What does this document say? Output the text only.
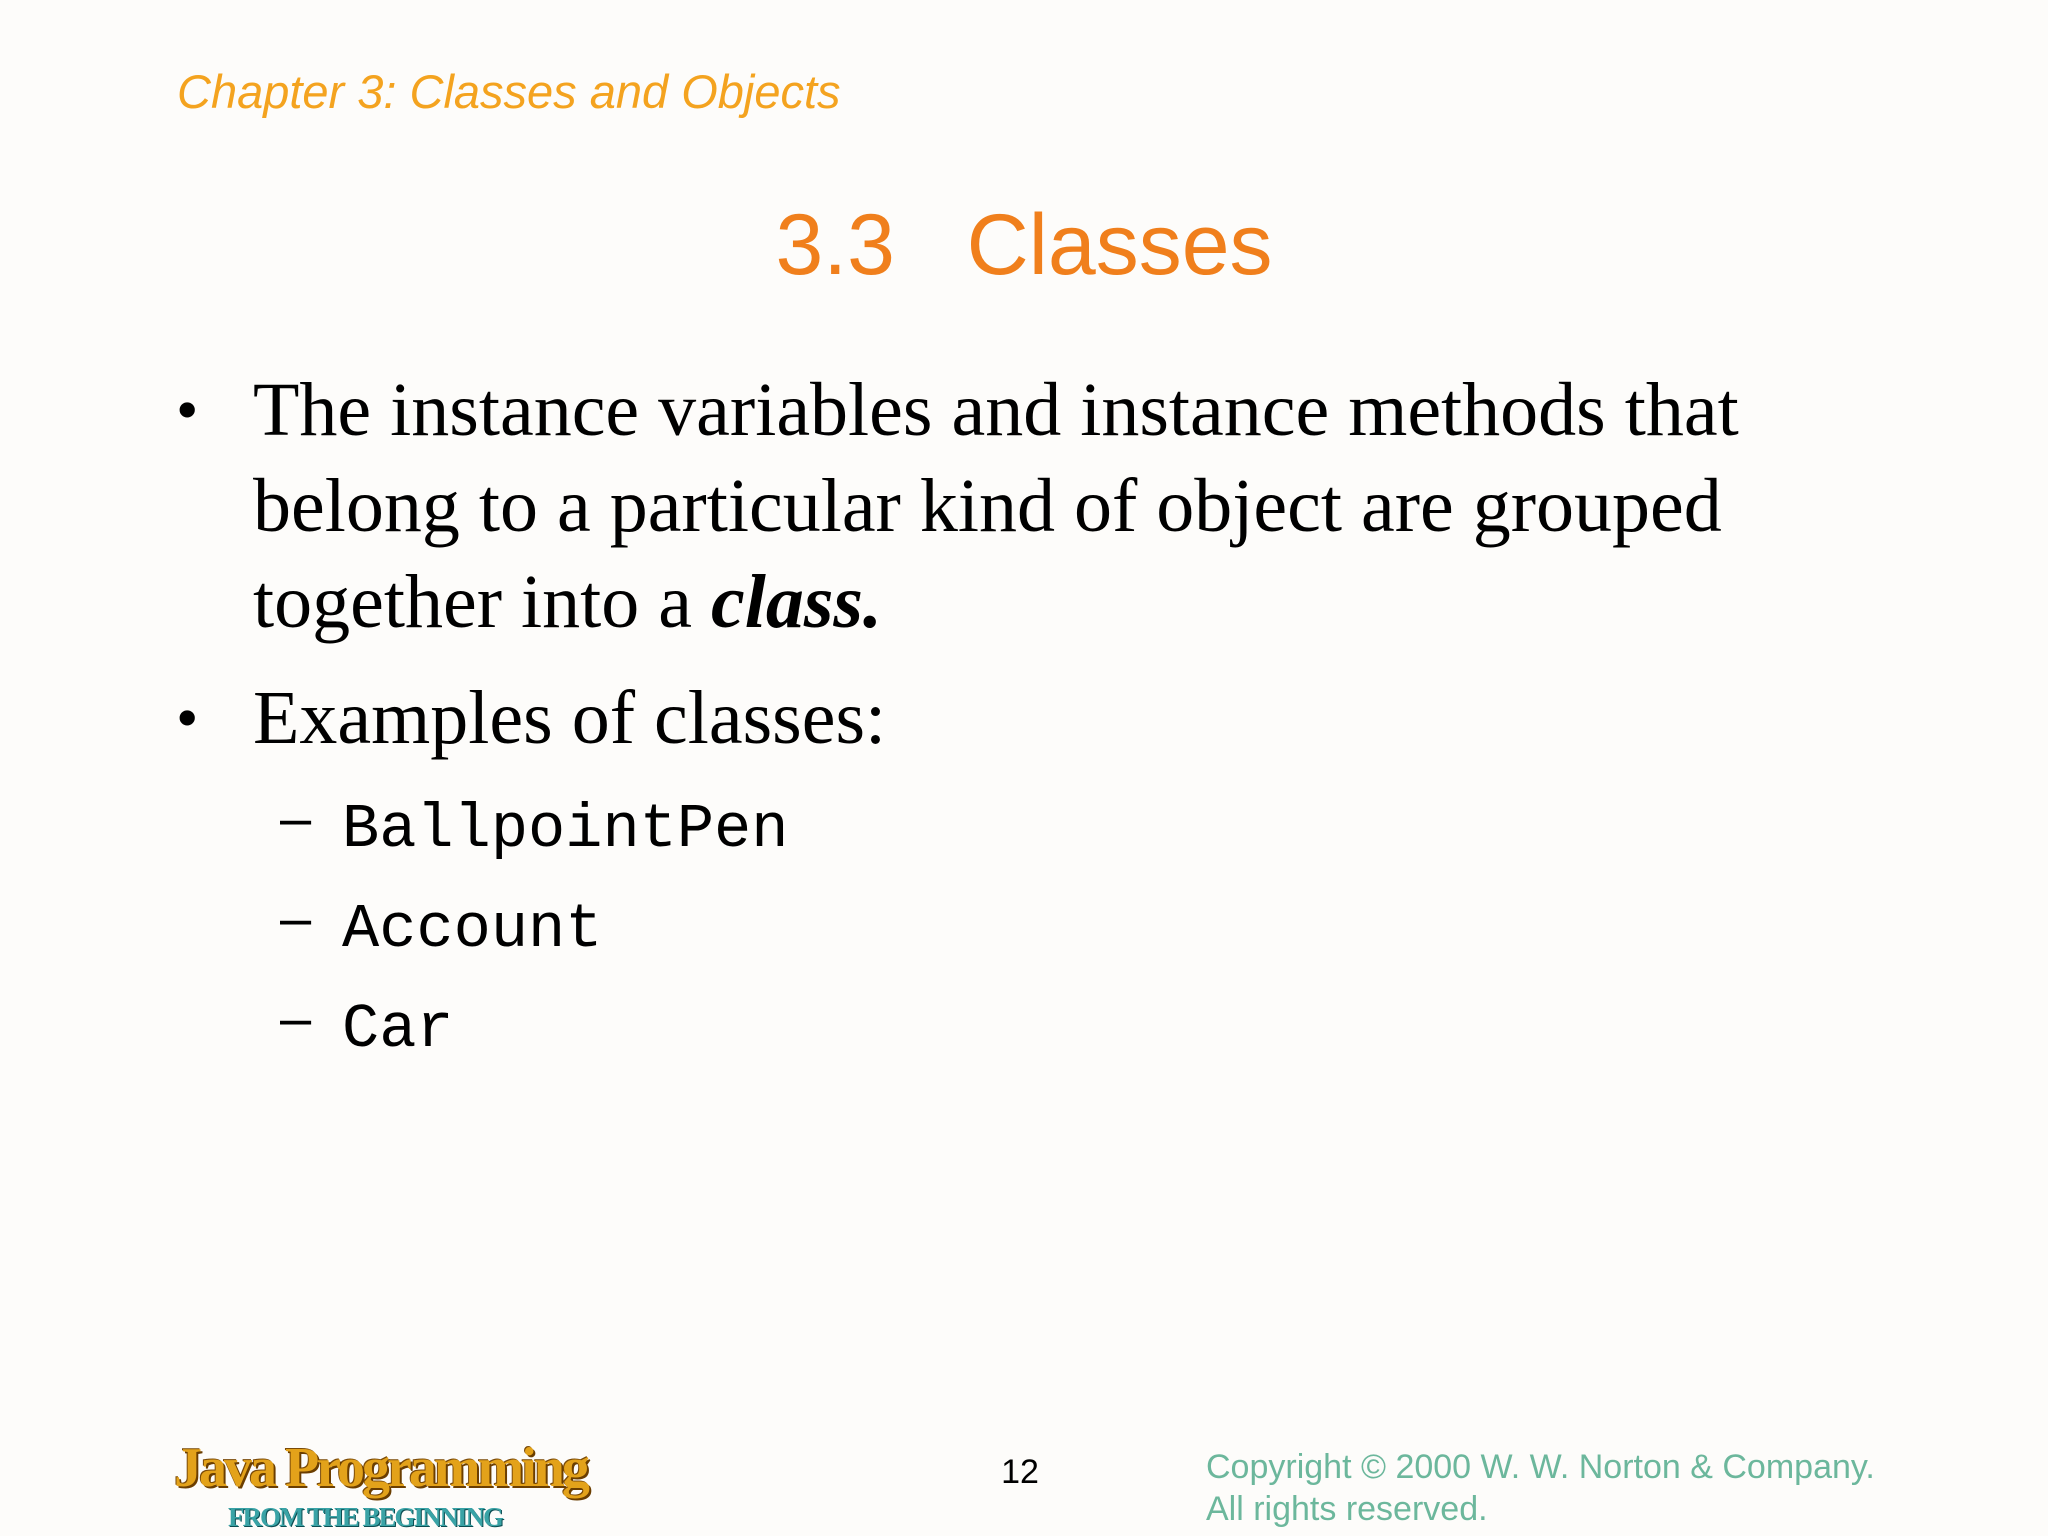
Chapter 3: Classes and Objects
3.3   Classes
• The instance variables and instance methods that belong to a particular kind of object are grouped together into a class.
• Examples of classes:
– BallpointPen
– Account
– Car
Java Programming
FROM THE BEGINNING
12	Copyright © 2000 W. W. Norton & Company.
All rights reserved.
